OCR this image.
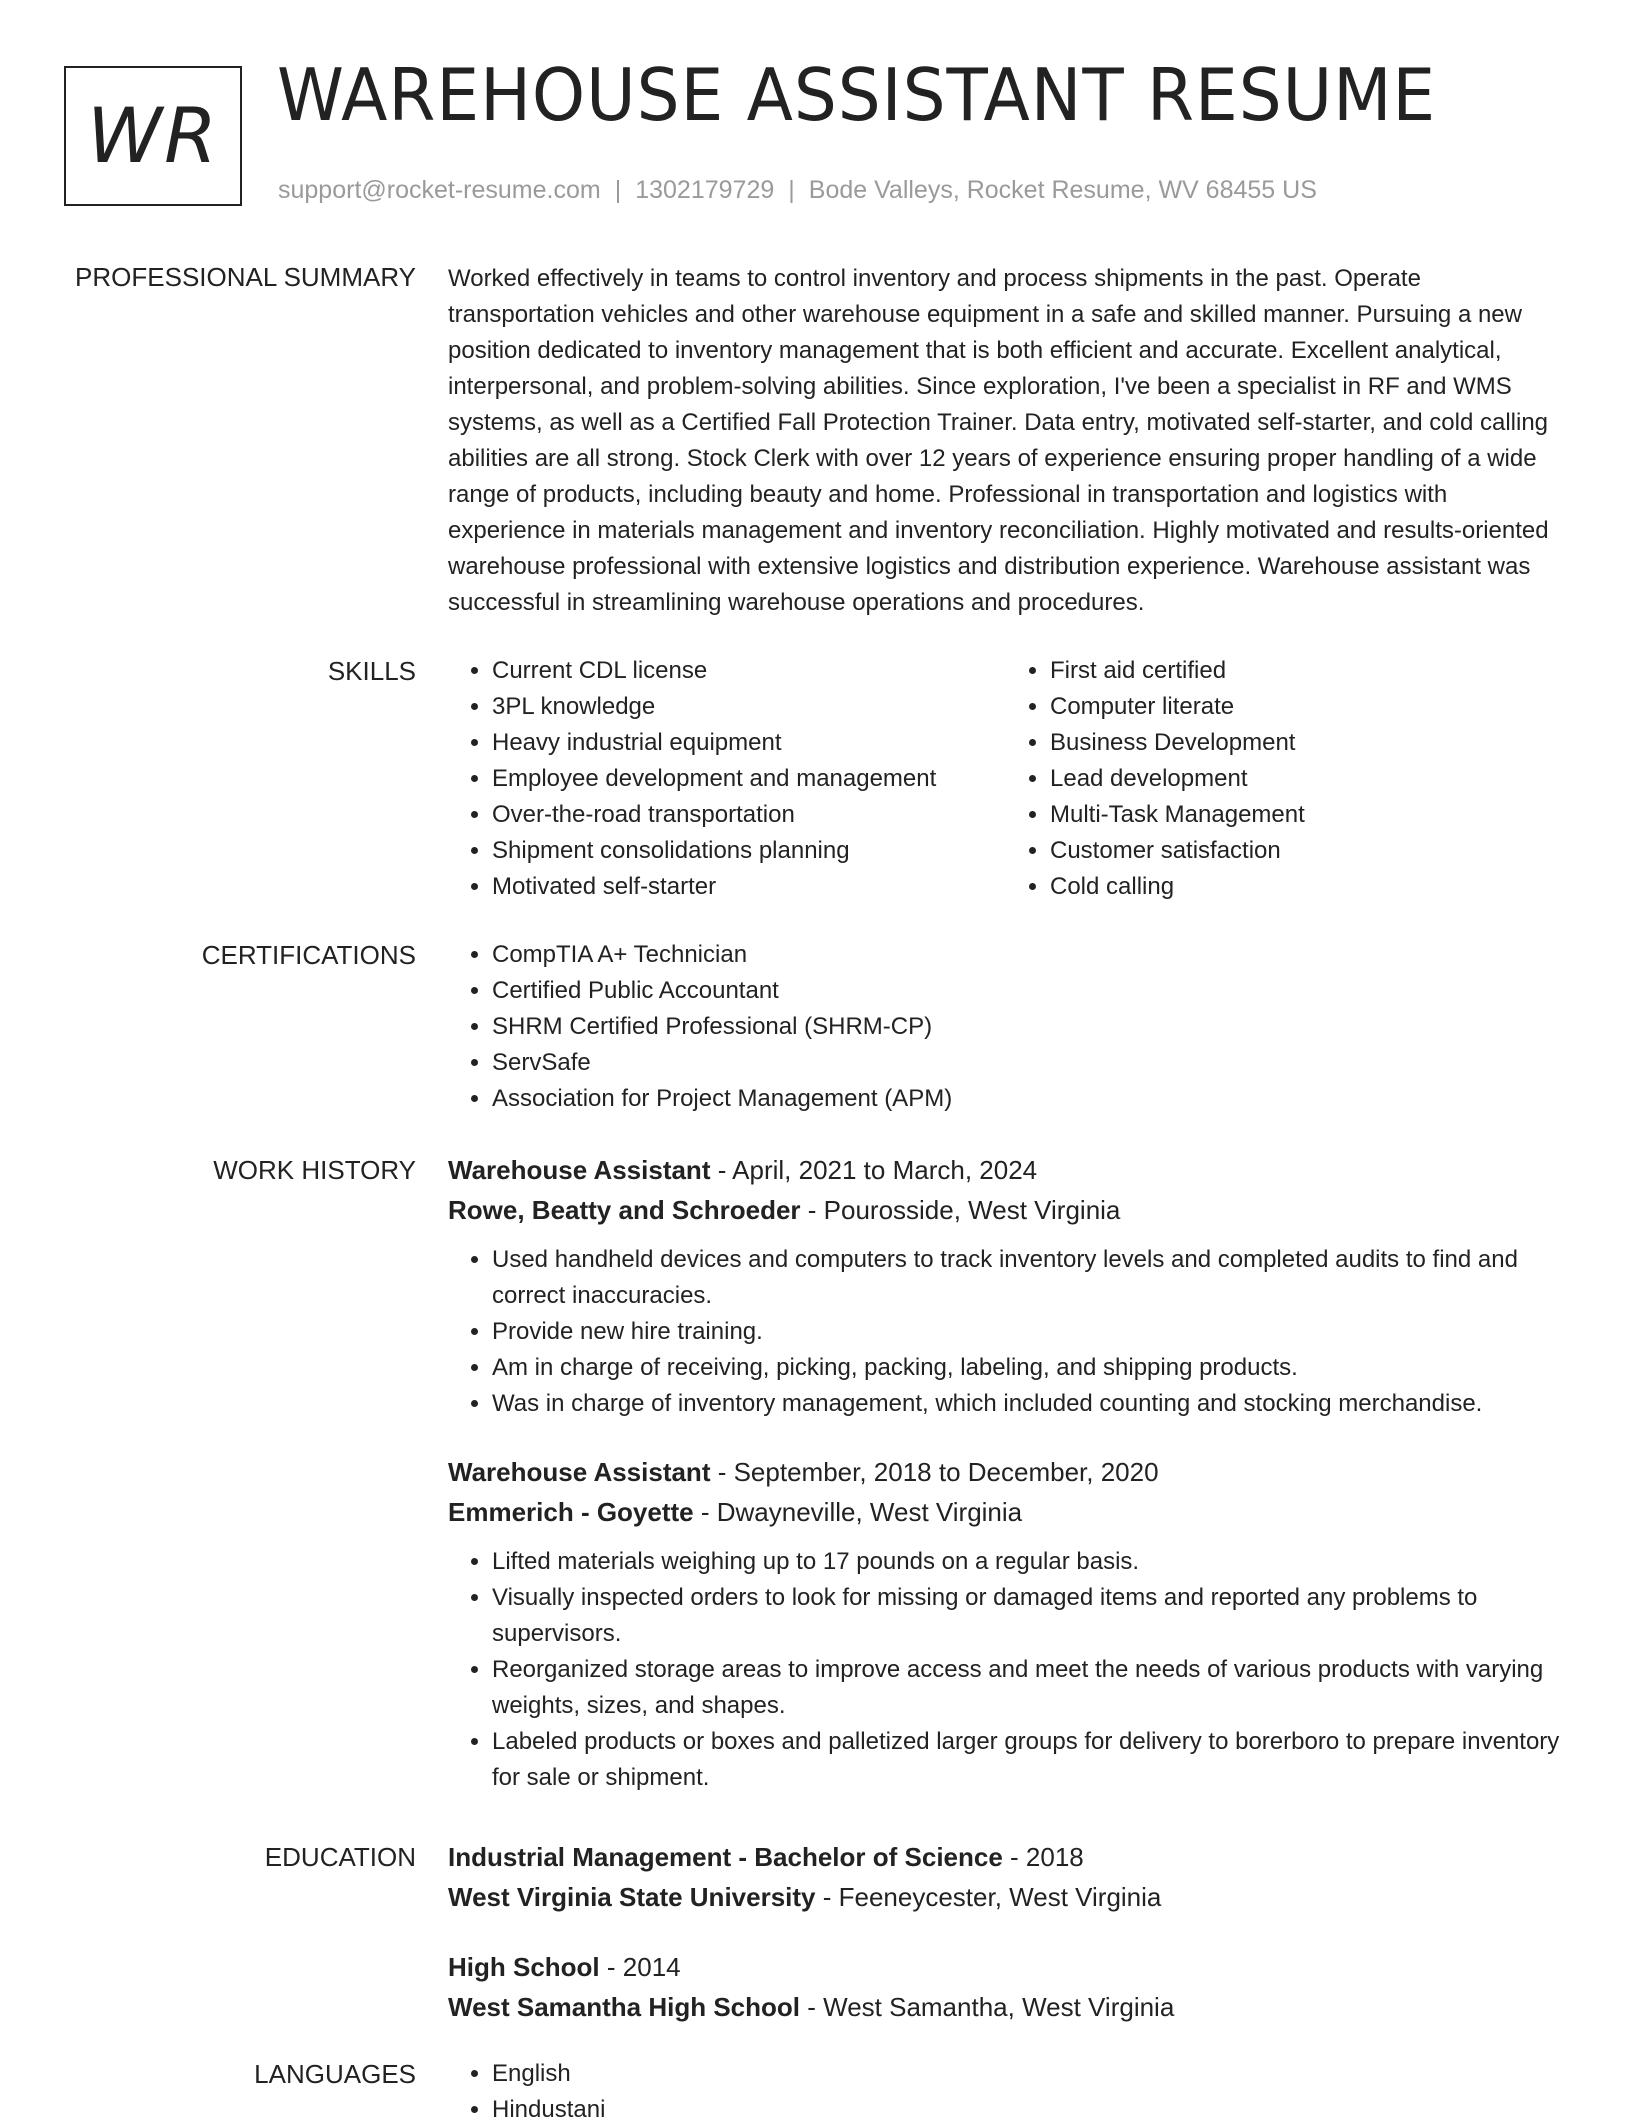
WR WAREHOUSE ASSISTANT RESUME
support@rocket-resume.com | 1302179729 | Bode Valleys, Rocket Resume, WV 68455 US
PROFESSIONAL SUMMARY Worked effectively in teams to control inventory and process shipments in the past. Operate transportation vehicles and other warehouse equipment in a safe and skilled manner. Pursuing a new position dedicated to inventory management that is both efficient and accurate. Excellent analytical, interpersonal, and problem-solving abilities. Since exploration, I've been a specialist in RF and WMS systems, as well as a Certified Fall Protection Trainer. Data entry, motivated self-starter, and cold calling abilities are all strong. Stock Clerk with over 12 years of experience ensuring proper handling of a wide range of products, including beauty and home. Professional in transportation and logistics with experience in materials management and inventory reconciliation. Highly motivated and results-oriented warehouse professional with extensive logistics and distribution experience. Warehouse assistant was successful in streamlining warehouse operations and procedures.

SKILLS	• Current CDL license
• 3PL knowledge
• Heavy industrial equipment
• Employee development and management
• Over-the-road transportation
• Shipment consolidations planning
• Motivated self-starter
• First aid certified
• Computer literate
• Business Development
• Lead development
• Multi-Task Management
• Customer satisfaction
• Cold calling
CERTIFICATIONS	• CompTIA A+ Technician
• Certified Public Accountant
• SHRM Certified Professional (SHRM-CP)
• ServSafe
• Association for Project Management (APM)
WORK HISTORY Warehouse Assistant - April, 2021 to March, 2024
Rowe, Beatty and Schroeder - Pourosside, West Virginia
• Used handheld devices and computers to track inventory levels and completed audits to find and correct inaccuracies.
• Provide new hire training.
• Am in charge of receiving, picking, packing, labeling, and shipping products.
• Was in charge of inventory management, which included counting and stocking merchandise.
Warehouse Assistant - September, 2018 to December, 2020
Emmerich - Goyette - Dwayneville, West Virginia
• Lifted materials weighing up to 17 pounds on a regular basis.
• Visually inspected orders to look for missing or damaged items and reported any problems to supervisors.
• Reorganized storage areas to improve access and meet the needs of various products with varying weights, sizes, and shapes.
• Labeled products or boxes and palletized larger groups for delivery to borerboro to prepare inventory for sale or shipment.
EDUCATION Industrial Management - Bachelor of Science - 2018
West Virginia State University - Feeneycester, West Virginia
High School - 2014
West Samantha High School - West Samantha, West Virginia
LANGUAGES	• English
• Hindustani
